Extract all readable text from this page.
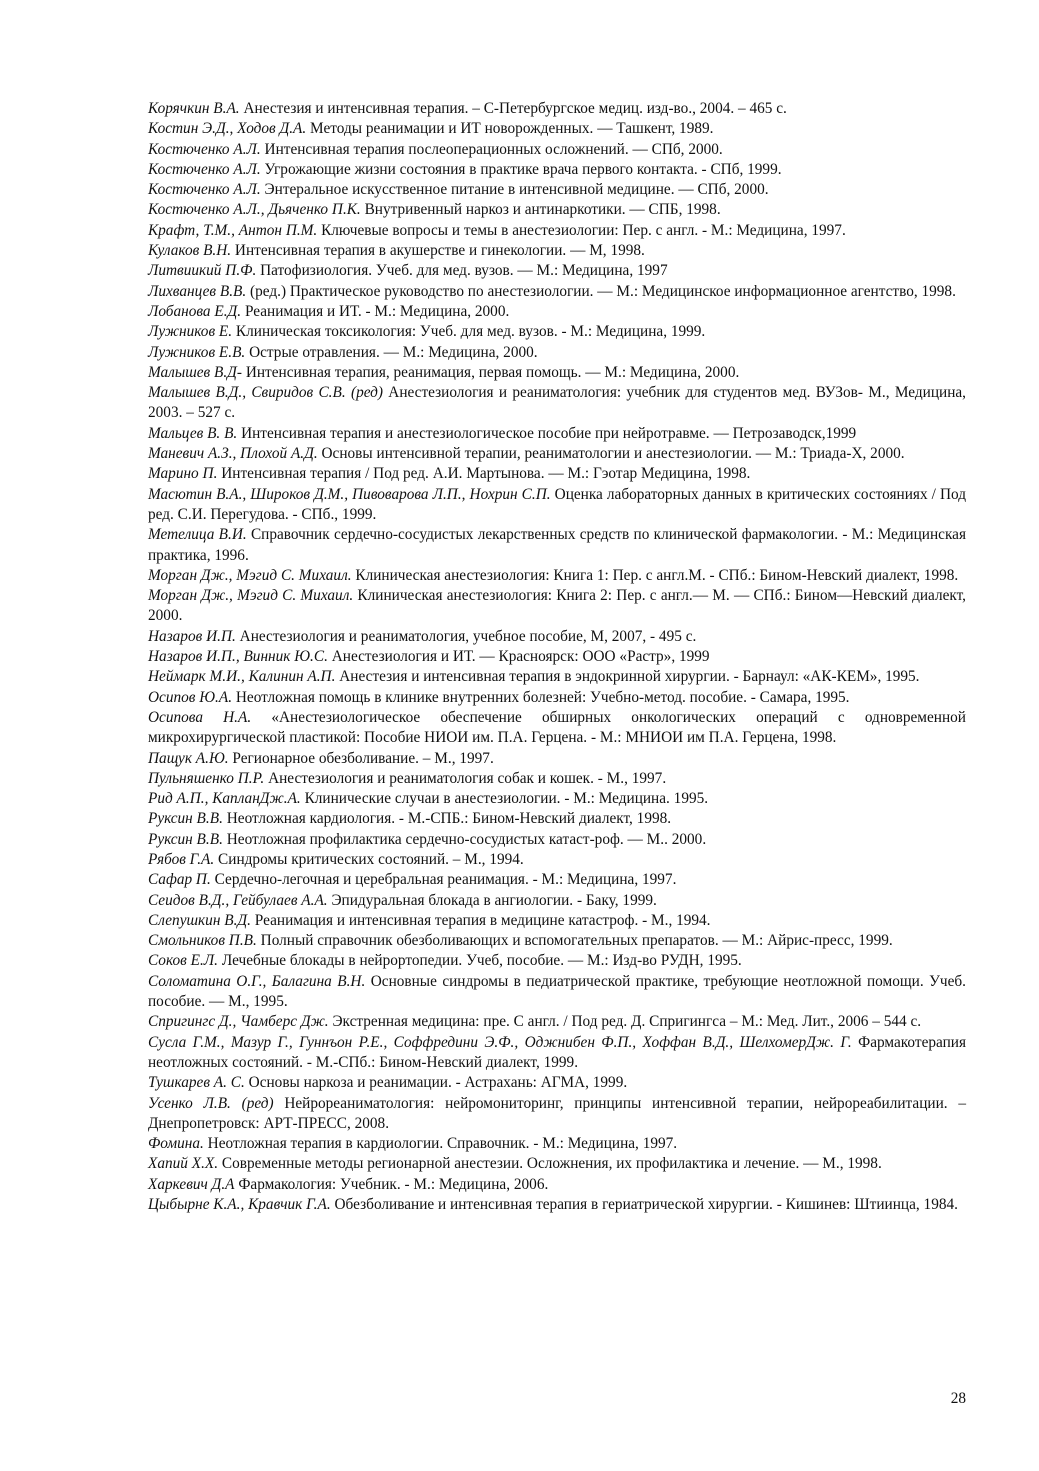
Корячкин В.А. Анестезия и интенсивная терапия. – С-Петербургское медиц. изд-во., 2004. – 465 с.

Костин Э.Д., Ходов Д.А. Методы реанимации и ИТ новорожденных. — Ташкент, 1989.

Костюченко А.Л. Интенсивная терапия послеоперационных осложнений. — СПб, 2000.

Костюченко А.Л. Угрожающие жизни состояния в практике врача первого контакта. - СПб, 1999.

Костюченко А.Л. Энтеральное искусственное питание в интенсивной медицине. — СПб, 2000.

Костюченко А.Л., Дьяченко П.К. Внутривенный наркоз и антинаркотики. — СПБ, 1998.

Крафт, Т.М., Антон П.М. Ключевые вопросы и темы в анестезиологии: Пер. с англ. - М.: Медицина, 1997.

Кулаков В.Н. Интенсивная терапия в акушерстве и гинекологии. — М, 1998.

Литвиикий П.Ф. Патофизиология. Учеб. для мед. вузов. — М.: Медицина, 1997

Лихванцев В.В. (ред.) Практическое руководство по анестезиологии. — М.: Медицинское информационное агентство, 1998.

Лобанова Е.Д. Реанимация и ИТ. - М.: Медицина, 2000.

Лужников Е. Клиническая токсикология: Учеб. для мед. вузов. - М.: Медицина, 1999.

Лужников Е.В. Острые отравления. — М.: Медицина, 2000.

Малышев В.Д- Интенсивная терапия, реанимация, первая помощь. — М.: Медицина, 2000.

Малышев В.Д., Свиридов С.В. (ред) Анестезиология и реаниматология: учебник для студентов мед. ВУЗов- М., Медицина, 2003. – 527 с.

Мальцев В. В. Интенсивная терапия и анестезиологическое пособие при нейротравме. — Петрозаводск,1999

Маневич А.З., Плохой А.Д. Основы интенсивной терапии, реаниматологии и анестезиологии. — М.: Триада-Х, 2000.

Марино П. Интенсивная терапия / Под ред. А.И. Мартынова. — М.: Гэотар Медицина, 1998.

Масютин В.А., Широков Д.М., Пивоварова Л.П., Нохрин С.П. Оценка лабораторных данных в критических состояниях / Под ред. С.И. Перегудова. - СПб., 1999.

Метелица В.И. Справочник сердечно-сосудистых лекарственных средств по клинической фармакологии. - М.: Медицинская практика, 1996.

Морган Дж., Мэгид С. Михаил. Клиническая анестезиология: Книга 1: Пер. с англ.М. - СПб.: Бином-Невский диалект, 1998.

Морган Дж., Мэгид С. Михаил. Клиническая анестезиология: Книга 2: Пер. с англ.— М. — СПб.: Бином—Невский диалект, 2000.

Назаров И.П. Анестезиология и реаниматология, учебное пособие, М, 2007, - 495 с.

Назаров И.П., Винник Ю.С. Анестезиология и ИТ. — Красноярск: ООО «Растр», 1999

Неймарк М.И., Калинин А.П. Анестезия и интенсивная терапия в эндокринной хирургии. - Барнаул: «АК-КЕМ», 1995.

Осипов Ю.А. Неотложная помощь в клинике внутренних болезней: Учебно-метод. пособие. - Самара, 1995.

Осипова Н.А. «Анестезиологическое обеспечение обширных онкологических операций с одновременной микрохирургической пластикой: Пособие НИОИ им. П.А. Герцена. - М.: МНИОИ им П.А. Герцена, 1998.

Пащук А.Ю. Регионарное обезболивание. – М., 1997.

Пульняшенко П.Р. Анестезиология и реаниматология собак и кошек. - М., 1997.

Рид А.П., КапланДж.А. Клинические случаи в анестезиологии. - М.: Медицина. 1995.

Руксин В.В. Неотложная кардиология. - М.-СПБ.: Бином-Невский диалект, 1998.

Руксин В.В. Неотложная профилактика сердечно-сосудистых катаст-роф. — М.. 2000.

Рябов Г.А. Синдромы критических состояний. – М., 1994.

Сафар П. Сердечно-легочная и церебральная реанимация. - М.: Медицина, 1997.

Сеидов В.Д., Гейбулаев А.А. Эпидуральная блокада в ангиологии. - Баку, 1999.

Слепушкин В.Д. Реанимация и интенсивная терапия в медицине катастроф. - М., 1994.

Смольников П.В. Полный справочник обезболивающих и вспомогательных препаратов. — М.: Айрис-пресс, 1999.

Соков Е.Л. Лечебные блокады в нейрортопедии. Учеб, пособие. — М.: Изд-во РУДН, 1995.

Соломатина О.Г., Балагина В.Н. Основные синдромы в педиатрической практике, требующие неотложной помощи. Учеб. пособие. — М., 1995.

Спригингс Д., Чамберс Дж. Экстренная медицина: пре. С англ. / Под ред. Д. Спригингса – М.: Мед. Лит., 2006 – 544 с.

Сусла Г.М., Мазур Г., Гуннъон Р.Е., Соффредини Э.Ф., Оджнибен Ф.П., Хоффан В.Д., ШелхомерДж. Г. Фармакотерапия неотложных состояний. - М.-СПб.: Бином-Невский диалект, 1999.

Тушкарев А. С. Основы наркоза и реанимации. - Астрахань: АГМА, 1999.

Усенко Л.В. (ред) Нейрореаниматология: нейромониторинг, принципы интенсивной терапии, нейрореабилитации. – Днепропетровск: АРТ-ПРЕСС, 2008.

Фомина. Неотложная терапия в кардиологии. Справочник. - М.: Медицина, 1997.

Хапий Х.Х. Современные методы регионарной анестезии. Осложнения, их профилактика и лечение. — М., 1998.

Харкевич Д.А Фармакология: Учебник. - М.: Медицина, 2006.

Цыбырне К.А., Кравчик Г.А. Обезболивание и интенсивная терапия в гериатрической хирургии. - Кишинев: Штиинца, 1984.

28
